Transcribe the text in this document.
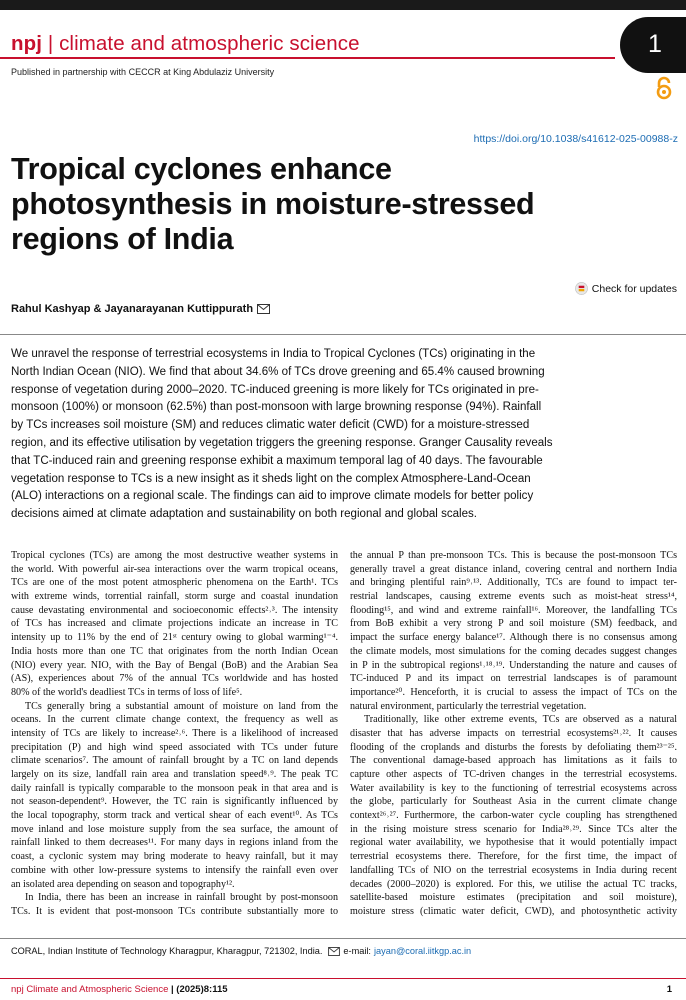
npj | climate and atmospheric science
Published in partnership with CECCR at King Abdulaziz University
1
https://doi.org/10.1038/s41612-025-00988-z
Tropical cyclones enhance
photosynthesis in moisture-stressed
regions of India
Check for updates
Rahul Kashyap & Jayanarayanan Kuttippurath
We unravel the response of terrestrial ecosystems in India to Tropical Cyclones (TCs) originating in the
North Indian Ocean (NIO). We find that about 34.6% of TCs drove greening and 65.4% caused browning
response of vegetation during 2000–2020. TC-induced greening is more likely for TCs originated in pre-
monsoon (100%) or monsoon (62.5%) than post-monsoon with large browning response (94%). Rainfall
by TCs increases soil moisture (SM) and reduces climatic water deficit (CWD) for a moisture-stressed
region, and its effective utilisation by vegetation triggers the greening response. Granger Causality reveals
that TC-induced rain and greening response exhibit a maximum temporal lag of 40 days. The favourable
vegetation response to TCs is a new insight as it sheds light on the complex Atmosphere-Land-Ocean
(ALO) interactions on a regional scale. The findings can aid to improve climate models for better policy
decisions aimed at climate adaptation and sustainability on both regional and global scales.
Tropical cyclones (TCs) are among the most destructive weather systems in
the world. With powerful air-sea interactions over the warm tropical oceans,
TCs are one of the most potent atmospheric phenomena on the Earth¹. TCs
with extreme winds, torrential rainfall, storm surge and coastal inundation
cause devastating environmental and socioeconomic effects²˒³. The intensity
of TCs has increased and climate projections indicate an increase in TC
intensity up to 11% by the end of 21ˢᵗ century owing to global warming¹⁻⁴.
India hosts more than one TC that originates from the north Indian Ocean
(NIO) every year. NIO, with the Bay of Bengal (BoB) and the Arabian Sea
(AS), experiences about 7% of the annual TCs worldwide and has hosted
80% of the world's deadliest TCs in terms of loss of life⁵.
TCs generally bring a substantial amount of moisture on land from the
oceans. In the current climate change context, the frequency as well as
intensity of TCs are likely to increase²˒⁶. There is a likelihood of increased
precipitation (P) and high wind speed associated with TCs under future
climate scenarios⁷. The amount of rainfall brought by a TC on land depends
largely on its size, landfall rain area and translation speed⁸˒⁹. The peak TC
daily rainfall is typically comparable to the monsoon peak in that area and is
not season-dependent⁹. However, the TC rain is significantly influenced by
the local topography, storm track and vertical shear of each event¹⁰. As TCs
move inland and lose moisture supply from the sea surface, the amount of
rainfall linked to them decreases¹¹. For many days in regions inland from the
coast, a cyclonic system may bring moderate to heavy rainfall, but it may
combine with other low-pressure systems to intensify the rainfall even over
an isolated area depending on season and topography¹².
In India, there has been an increase in rainfall brought by post-monsoon
TCs. It is evident that post-monsoon TCs contribute substantially more to
the annual P than pre-monsoon TCs. This is because the post-monsoon TCs
generally travel a great distance inland, covering central and northern India
and bringing plentiful rain⁹˒¹³. Additionally, TCs are found to impact ter-
restrial landscapes, causing extreme events such as moist-heat stress¹⁴,
flooding¹⁵, and wind and extreme rainfall¹⁶. Moreover, the landfalling TCs
from BoB exhibit a very strong P and soil moisture (SM) feedback, and
impact the surface energy balance¹⁷. Although there is no consensus among
the climate models, most simulations for the coming decades suggest changes
in P in the subtropical regions¹˒¹⁸˒¹⁹. Understanding the nature and causes of
TC-induced P and its impact on terrestrial landscapes is of paramount
importance²⁰. Henceforth, it is crucial to assess the impact of TCs on the
natural environment, particularly the terrestrial vegetation.
Traditionally, like other extreme events, TCs are observed as a natural
disaster that has adverse impacts on terrestrial ecosystems²¹˒²². It causes
flooding of the croplands and disturbs the forests by defoliating them²³⁻²⁵.
The conventional damage-based approach has limitations as it fails to
capture other aspects of TC-driven changes in the terrestrial ecosystems.
Water availability is key to the functioning of terrestrial ecosystems across
the globe, particularly for Southeast Asia in the current climate change
context²⁶˒²⁷. Furthermore, the carbon-water cycle coupling has strengthened
in the rising moisture stress scenario for India²⁸˒²⁹. Since TCs alter the
regional water availability, we hypothesise that it would potentially impact
terrestrial ecosystems there. Therefore, for the first time, the impact of
landfalling TCs of NIO on the terrestrial ecosystems in India during recent
decades (2000–2020) is explored. For this, we utilise the actual TC tracks,
satellite-based moisture estimates (precipitation and soil moisture),
moisture stress (climatic water deficit, CWD), and photosynthetic activity
CORAL, Indian Institute of Technology Kharagpur, Kharagpur, 721302, India. e-mail: jayan@coral.iitkgp.ac.in
npj Climate and Atmospheric Science | (2025)8:115	1
